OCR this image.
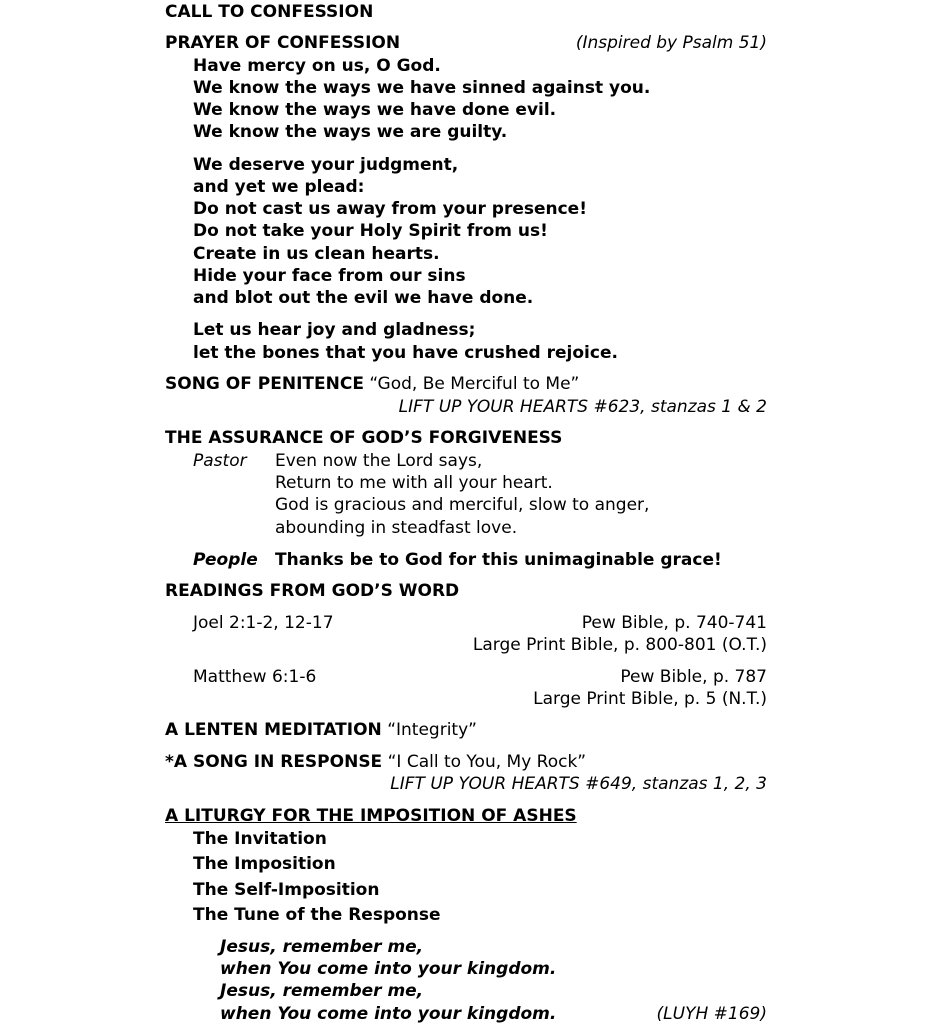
CALL TO CONFESSION
PRAYER OF CONFESSION	(Inspired by Psalm 51)
Have mercy on us, O God.
We know the ways we have sinned against you.
We know the ways we have done evil.
We know the ways we are guilty.
We deserve your judgment,
and yet we plead:
Do not cast us away from your presence!
Do not take your Holy Spirit from us!
Create in us clean hearts.
Hide your face from our sins
and blot out the evil we have done.
Let us hear joy and gladness;
let the bones that you have crushed rejoice.
SONG OF PENITENCE “God, Be Merciful to Me”
LIFT UP YOUR HEARTS #623, stanzas 1 & 2
THE ASSURANCE OF GOD’S FORGIVENESS
Pastor Even now the Lord says,
Return to me with all your heart.
God is gracious and merciful, slow to anger,
abounding in steadfast love.
People Thanks be to God for this unimaginable grace!
READINGS FROM GOD’S WORD
Joel 2:1-2, 12-17	Pew Bible, p. 740-741
Large Print Bible, p. 800-801 (O.T.)
Matthew 6:1-6	Pew Bible, p. 787
Large Print Bible, p. 5 (N.T.)
A LENTEN MEDITATION “Integrity”
*A SONG IN RESPONSE “I Call to You, My Rock”
LIFT UP YOUR HEARTS #649, stanzas 1, 2, 3
A LITURGY FOR THE IMPOSITION OF ASHES
The Invitation
The Imposition
The Self-Imposition
The Tune of the Response
Jesus, remember me,
when You come into your kingdom.
Jesus, remember me,
when You come into your kingdom.	(LUYH #169)
